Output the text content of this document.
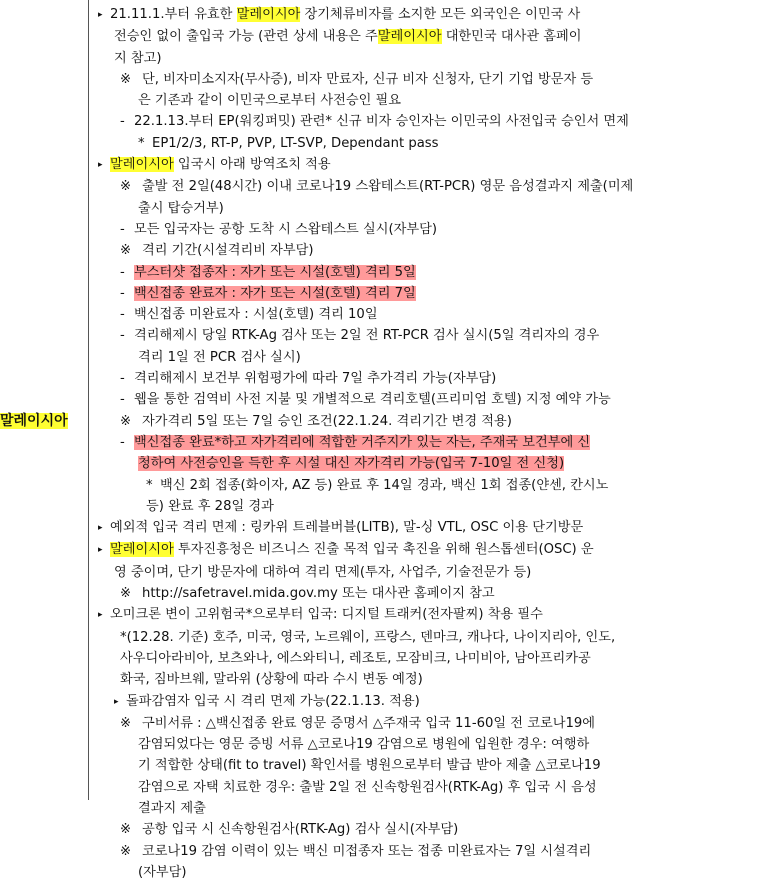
말레이시아
▸ 21.11.1.부터 유효한 말레이시아 장기체류비자를 소지한 모든 외국인은 이민국 사
전승인 없이 출입국 가능 (관련 상세 내용은 주말레이시아 대한민국 대사관 홈페이
지 참고)
※ 단, 비자미소지자(무사증), 비자 만료자, 신규 비자 신청자, 단기 기업 방문자 등
은 기존과 같이 이민국으로부터 사전승인 필요
- 22.1.13.부터 EP(워킹퍼밋) 관련* 신규 비자 승인자는 이민국의 사전입국 승인서 면제
* EP1/2/3, RT-P, PVP, LT-SVP, Dependant pass
▸ 말레이시아 입국시 아래 방역조치 적용
※ 출발 전 2일(48시간) 이내 코로나19 스왑테스트(RT-PCR) 영문 음성결과지 제출(미제
출시 탑승거부)
- 모든 입국자는 공항 도착 시 스왑테스트 실시(자부담)
※ 격리 기간(시설격리비 자부담)
- 부스터샷 접종자 : 자가 또는 시설(호텔) 격리 5일
- 백신접종 완료자 : 자가 또는 시설(호텔) 격리 7일
- 백신접종 미완료자 : 시설(호텔) 격리 10일
- 격리해제시 당일 RTK-Ag 검사 또는 2일 전 RT-PCR 검사 실시(5일 격리자의 경우
격리 1일 전 PCR 검사 실시)
- 격리해제시 보건부 위험평가에 따라 7일 추가격리 가능(자부담)
- 웹을 통한 검역비 사전 지불 및 개별적으로 격리호텔(프리미엄 호텔) 지정 예약 가능
※ 자가격리 5일 또는 7일 승인 조건(22.1.24. 격리기간 변경 적용)
- 백신접종 완료*하고 자가격리에 적합한 거주지가 있는 자는, 주재국 보건부에 신
청하여 사전승인을 득한 후 시설 대신 자가격리 가능(입국 7-10일 전 신청)
* 백신 2회 접종(화이자, AZ 등) 완료 후 14일 경과, 백신 1회 접종(얀센, 칸시노
등) 완료 후 28일 경과
▸ 예외적 입국 격리 면제 : 링카위 트레블버블(LITB), 말-싱 VTL, OSC 이용 단기방문
▸ 말레이시아 투자진흥청은 비즈니스 진출 목적 입국 촉진을 위해 원스톱센터(OSC) 운
영 중이며, 단기 방문자에 대하여 격리 면제(투자, 사업주, 기술전문가 등)
※ http://safetravel.mida.gov.my 또는 대사관 홈페이지 참고
▸ 오미크론 변이 고위험국*으로부터 입국: 디지털 트래커(전자팔찌) 착용 필수
*(12.28. 기준) 호주, 미국, 영국, 노르웨이, 프랑스, 덴마크, 캐나다, 나이지리아, 인도,
사우디아라비아, 보츠와나, 에스와티니, 레조토, 모잠비크, 나미비아, 남아프리카공
화국, 짐바브웨, 말라위 (상황에 따라 수시 변동 예정)
▸ 돌파감염자 입국 시 격리 면제 가능(22.1.13. 적용)
※ 구비서류 : △백신접종 완료 영문 증명서 △주재국 입국 11-60일 전 코로나19에
감염되었다는 영문 증빙 서류 △코로나19 감염으로 병원에 입원한 경우: 여행하
기 적합한 상태(fit to travel) 확인서를 병원으로부터 발급 받아 제출 △코로나19
감염으로 자택 치료한 경우: 출발 2일 전 신속항원검사(RTK-Ag) 후 입국 시 음성
결과지 제출
※ 공항 입국 시 신속항원검사(RTK-Ag) 검사 실시(자부담)
※ 코로나19 감염 이력이 있는 백신 미접종자 또는 접종 미완료자는 7일 시설격리
(자부담)
